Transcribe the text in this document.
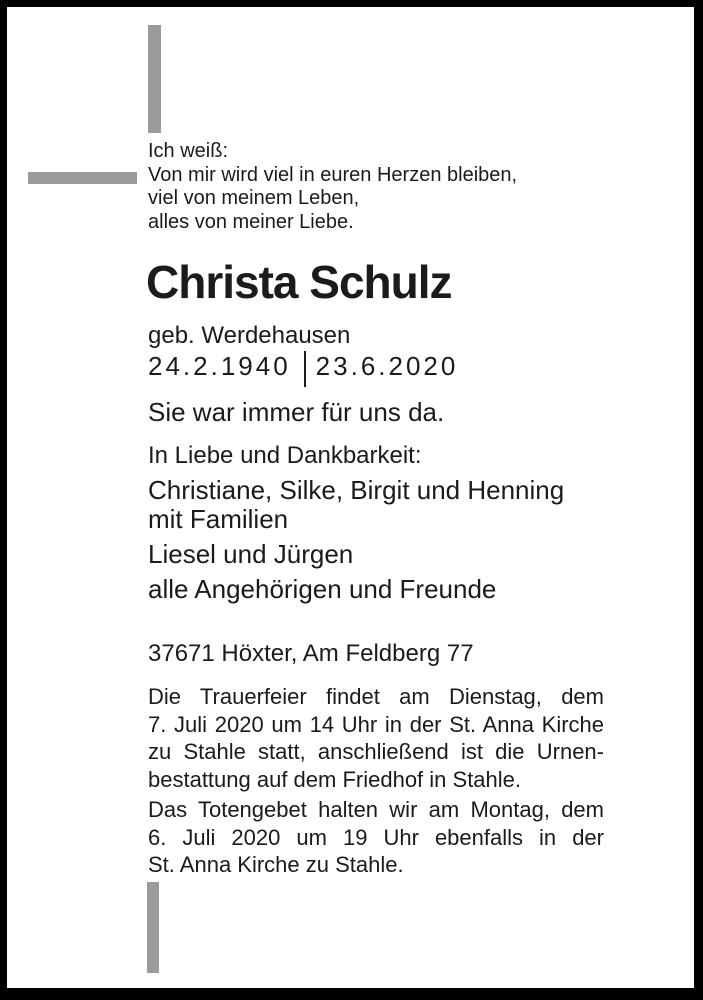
Ich weiß:
Von mir wird viel in euren Herzen bleiben,
viel von meinem Leben,
alles von meiner Liebe.
Christa Schulz
geb. Werdehausen
24.2.1940 23.6.2020
Sie war immer für uns da.
In Liebe und Dankbarkeit:
Christiane, Silke, Birgit und Henning
mit Familien
Liesel und Jürgen
alle Angehörigen und Freunde
37671 Höxter, Am Feldberg 77
Die Trauerfeier findet am Dienstag, dem
7. Juli 2020 um 14 Uhr in der St. Anna Kirche
zu Stahle statt, anschließend ist die Urnen-
bestattung auf dem Friedhof in Stahle.
Das Totengebet halten wir am Montag, dem
6. Juli 2020 um 19 Uhr ebenfalls in der
St. Anna Kirche zu Stahle.
